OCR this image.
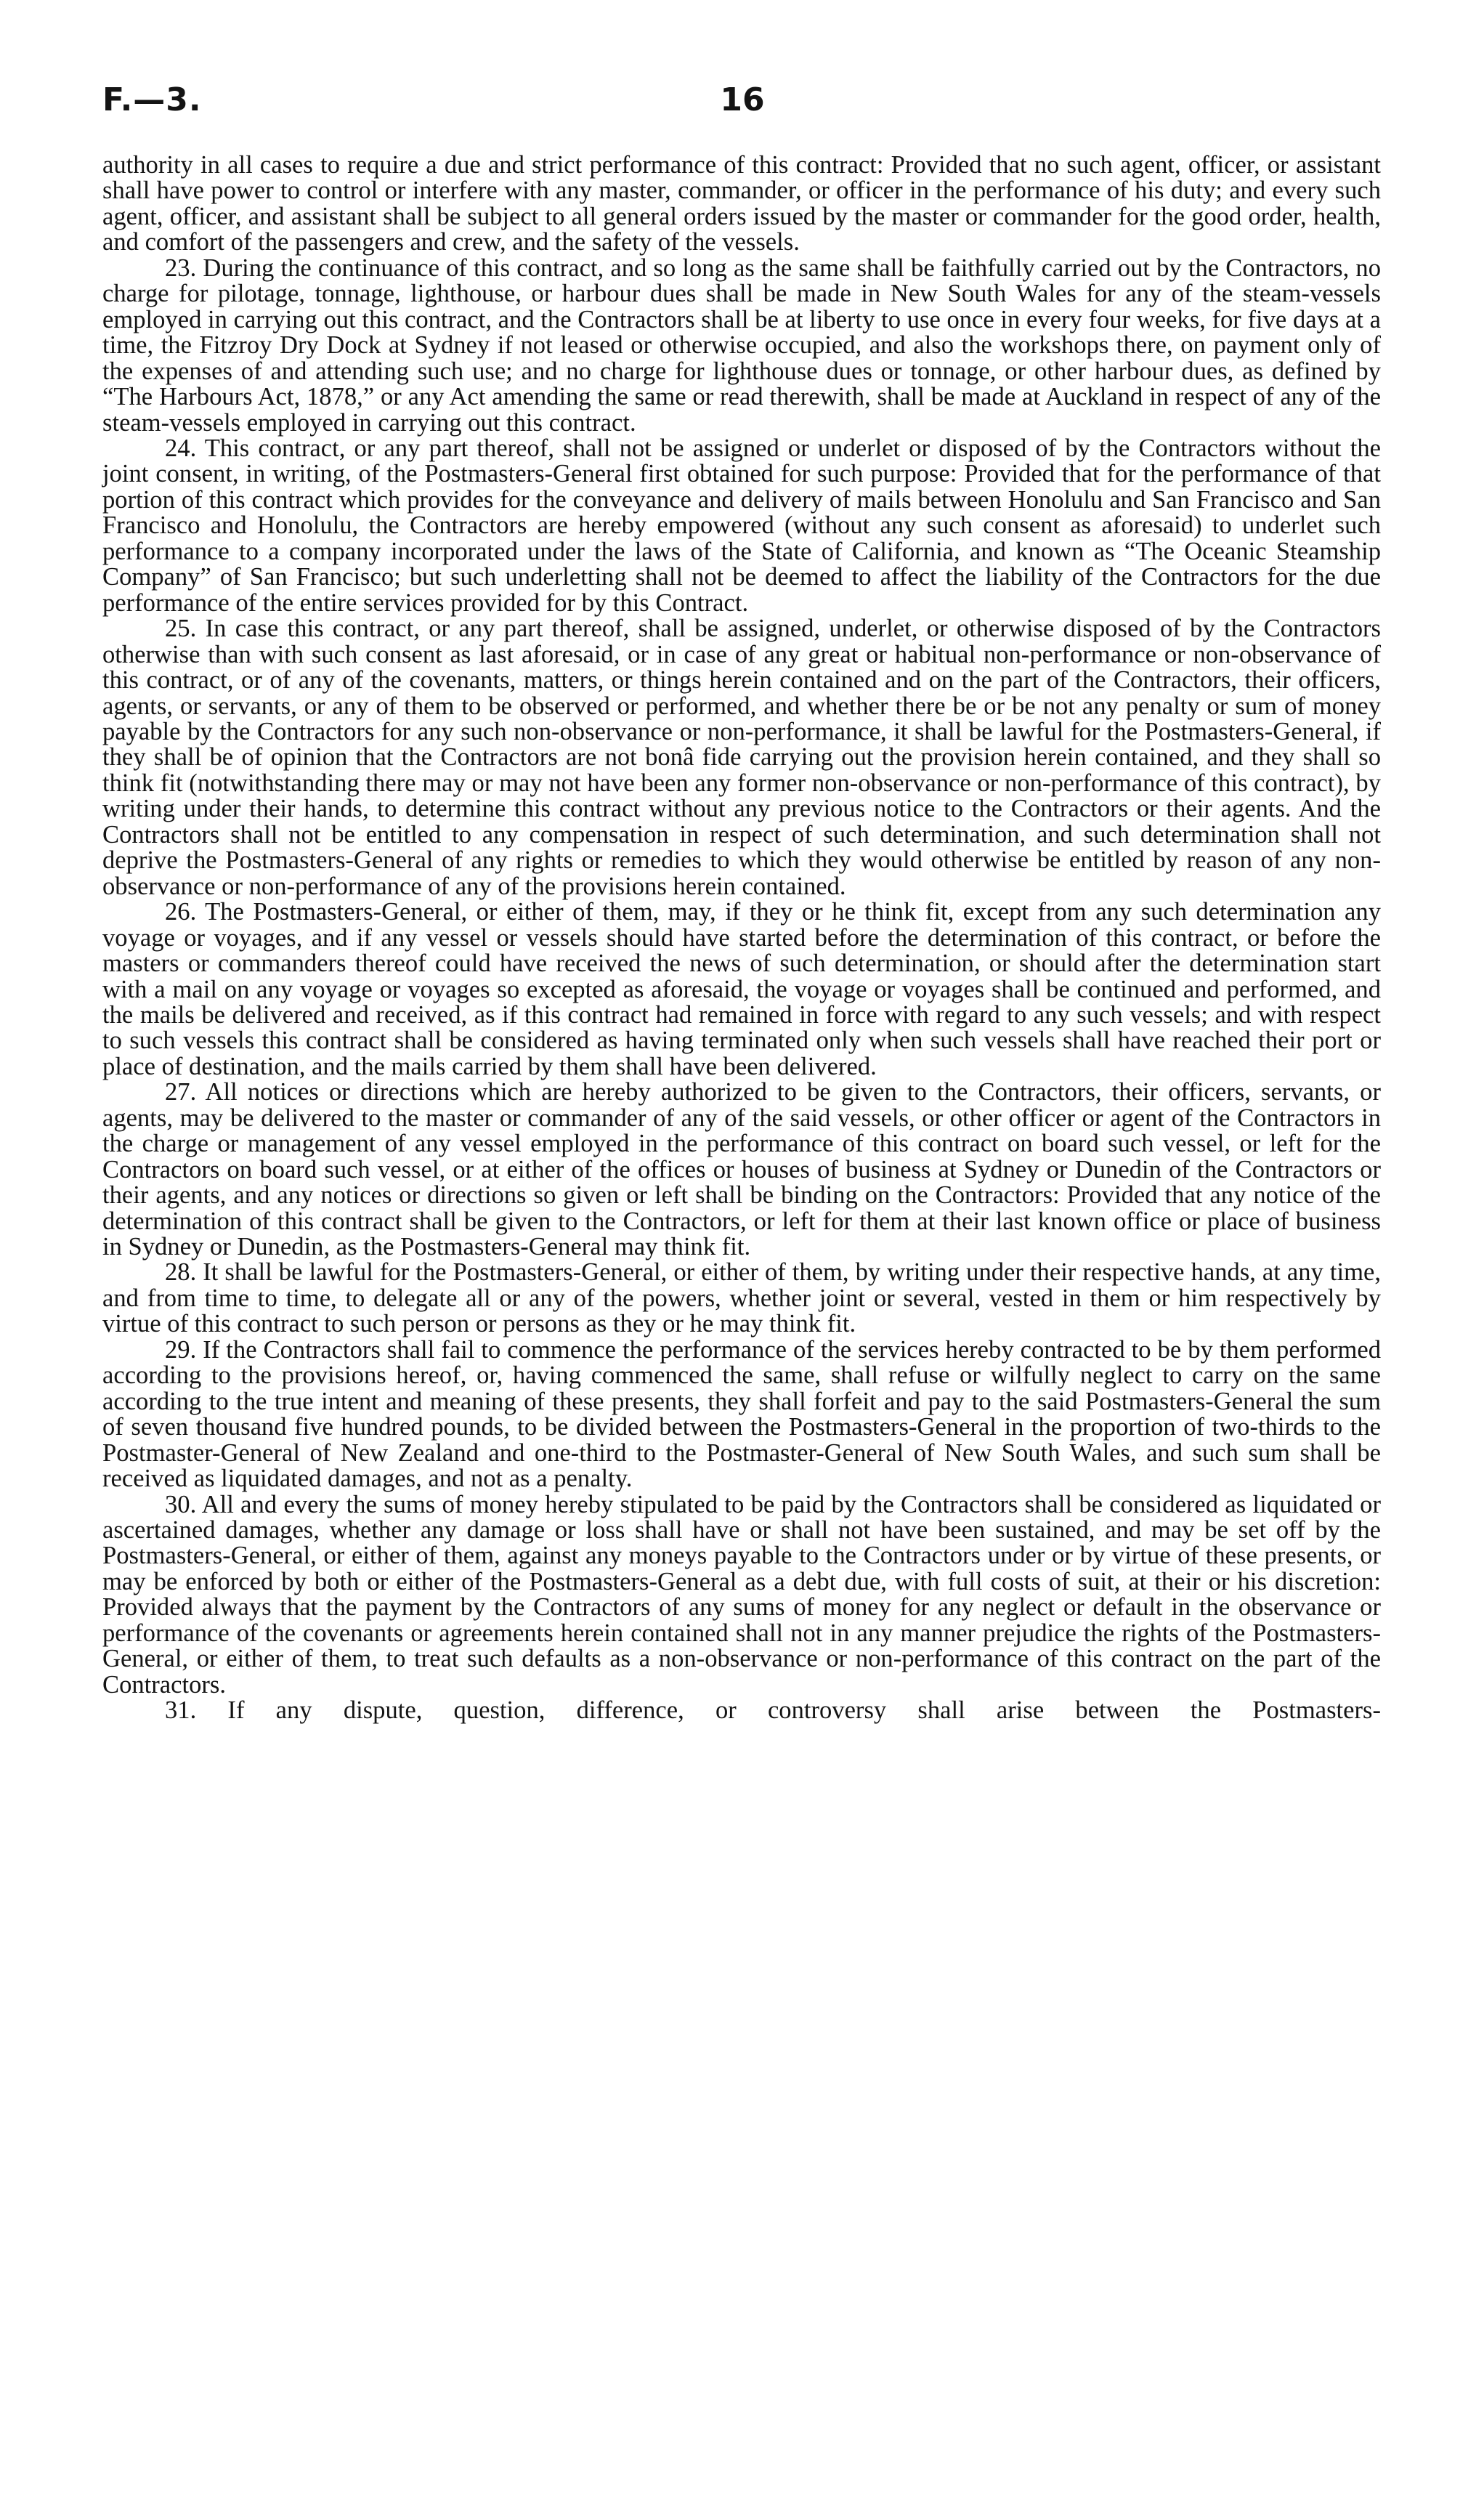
F.—3.	16

authority in all cases to require a due and strict performance of this contract: Provided that no such agent, officer, or assistant shall have power to control or interfere with any master, commander, or officer in the performance of his duty; and every such agent, officer, and assistant shall be subject to all general orders issued by the master or commander for the good order, health, and comfort of the passengers and crew, and the safety of the vessels.

23. During the continuance of this contract, and so long as the same shall be faithfully carried out by the Contractors, no charge for pilotage, tonnage, lighthouse, or harbour dues shall be made in New South Wales for any of the steam-vessels employed in carrying out this contract, and the Contractors shall be at liberty to use once in every four weeks, for five days at a time, the Fitzroy Dry Dock at Sydney if not leased or otherwise occupied, and also the workshops there, on payment only of the expenses of and attending such use; and no charge for lighthouse dues or tonnage, or other harbour dues, as defined by “The Harbours Act, 1878,” or any Act amending the same or read therewith, shall be made at Auckland in respect of any of the steam-vessels employed in carrying out this contract.

24. This contract, or any part thereof, shall not be assigned or underlet or disposed of by the Contractors without the joint consent, in writing, of the Postmasters-General first obtained for such purpose: Provided that for the performance of that portion of this contract which provides for the conveyance and delivery of mails between Honolulu and San Francisco and San Francisco and Honolulu, the Contractors are hereby empowered (without any such consent as aforesaid) to underlet such performance to a company incorporated under the laws of the State of California, and known as “The Oceanic Steamship Company” of San Francisco; but such underletting shall not be deemed to affect the liability of the Contractors for the due performance of the entire services provided for by this Contract.

25. In case this contract, or any part thereof, shall be assigned, underlet, or otherwise disposed of by the Contractors otherwise than with such consent as last aforesaid, or in case of any great or habitual non-performance or non-observance of this contract, or of any of the covenants, matters, or things herein contained and on the part of the Contractors, their officers, agents, or servants, or any of them to be observed or performed, and whether there be or be not any penalty or sum of money payable by the Contractors for any such non-observance or non-performance, it shall be lawful for the Postmasters-General, if they shall be of opinion that the Contractors are not bonâ fide carrying out the provision herein contained, and they shall so think fit (notwithstanding there may or may not have been any former non-observance or non-performance of this contract), by writing under their hands, to determine this contract without any previous notice to the Contractors or their agents. And the Contractors shall not be entitled to any compensation in respect of such determination, and such determination shall not deprive the Postmasters-General of any rights or remedies to which they would otherwise be entitled by reason of any non-observance or non-performance of any of the provisions herein contained.

26. The Postmasters-General, or either of them, may, if they or he think fit, except from any such determination any voyage or voyages, and if any vessel or vessels should have started before the determination of this contract, or before the masters or commanders thereof could have received the news of such determination, or should after the determination start with a mail on any voyage or voyages so excepted as aforesaid, the voyage or voyages shall be continued and performed, and the mails be delivered and received, as if this contract had remained in force with regard to any such vessels; and with respect to such vessels this contract shall be considered as having terminated only when such vessels shall have reached their port or place of destination, and the mails carried by them shall have been delivered.

27. All notices or directions which are hereby authorized to be given to the Contractors, their officers, servants, or agents, may be delivered to the master or commander of any of the said vessels, or other officer or agent of the Contractors in the charge or management of any vessel employed in the performance of this contract on board such vessel, or left for the Contractors on board such vessel, or at either of the offices or houses of business at Sydney or Dunedin of the Contractors or their agents, and any notices or directions so given or left shall be binding on the Contractors: Provided that any notice of the determination of this contract shall be given to the Contractors, or left for them at their last known office or place of business in Sydney or Dunedin, as the Postmasters-General may think fit.

28. It shall be lawful for the Postmasters-General, or either of them, by writing under their respective hands, at any time, and from time to time, to delegate all or any of the powers, whether joint or several, vested in them or him respectively by virtue of this contract to such person or persons as they or he may think fit.

29. If the Contractors shall fail to commence the performance of the services hereby contracted to be by them performed according to the provisions hereof, or, having commenced the same, shall refuse or wilfully neglect to carry on the same according to the true intent and meaning of these presents, they shall forfeit and pay to the said Postmasters-General the sum of seven thousand five hundred pounds, to be divided between the Postmasters-General in the proportion of two-thirds to the Postmaster-General of New Zealand and one-third to the Postmaster-General of New South Wales, and such sum shall be received as liquidated damages, and not as a penalty.

30. All and every the sums of money hereby stipulated to be paid by the Contractors shall be considered as liquidated or ascertained damages, whether any damage or loss shall have or shall not have been sustained, and may be set off by the Postmasters-General, or either of them, against any moneys payable to the Contractors under or by virtue of these presents, or may be enforced by both or either of the Postmasters-General as a debt due, with full costs of suit, at their or his discretion: Provided always that the payment by the Contractors of any sums of money for any neglect or default in the observance or performance of the covenants or agreements herein contained shall not in any manner prejudice the rights of the Postmasters-General, or either of them, to treat such defaults as a non-observance or non-performance of this contract on the part of the Contractors.

31. If any dispute, question, difference, or controversy shall arise between the Postmasters-
